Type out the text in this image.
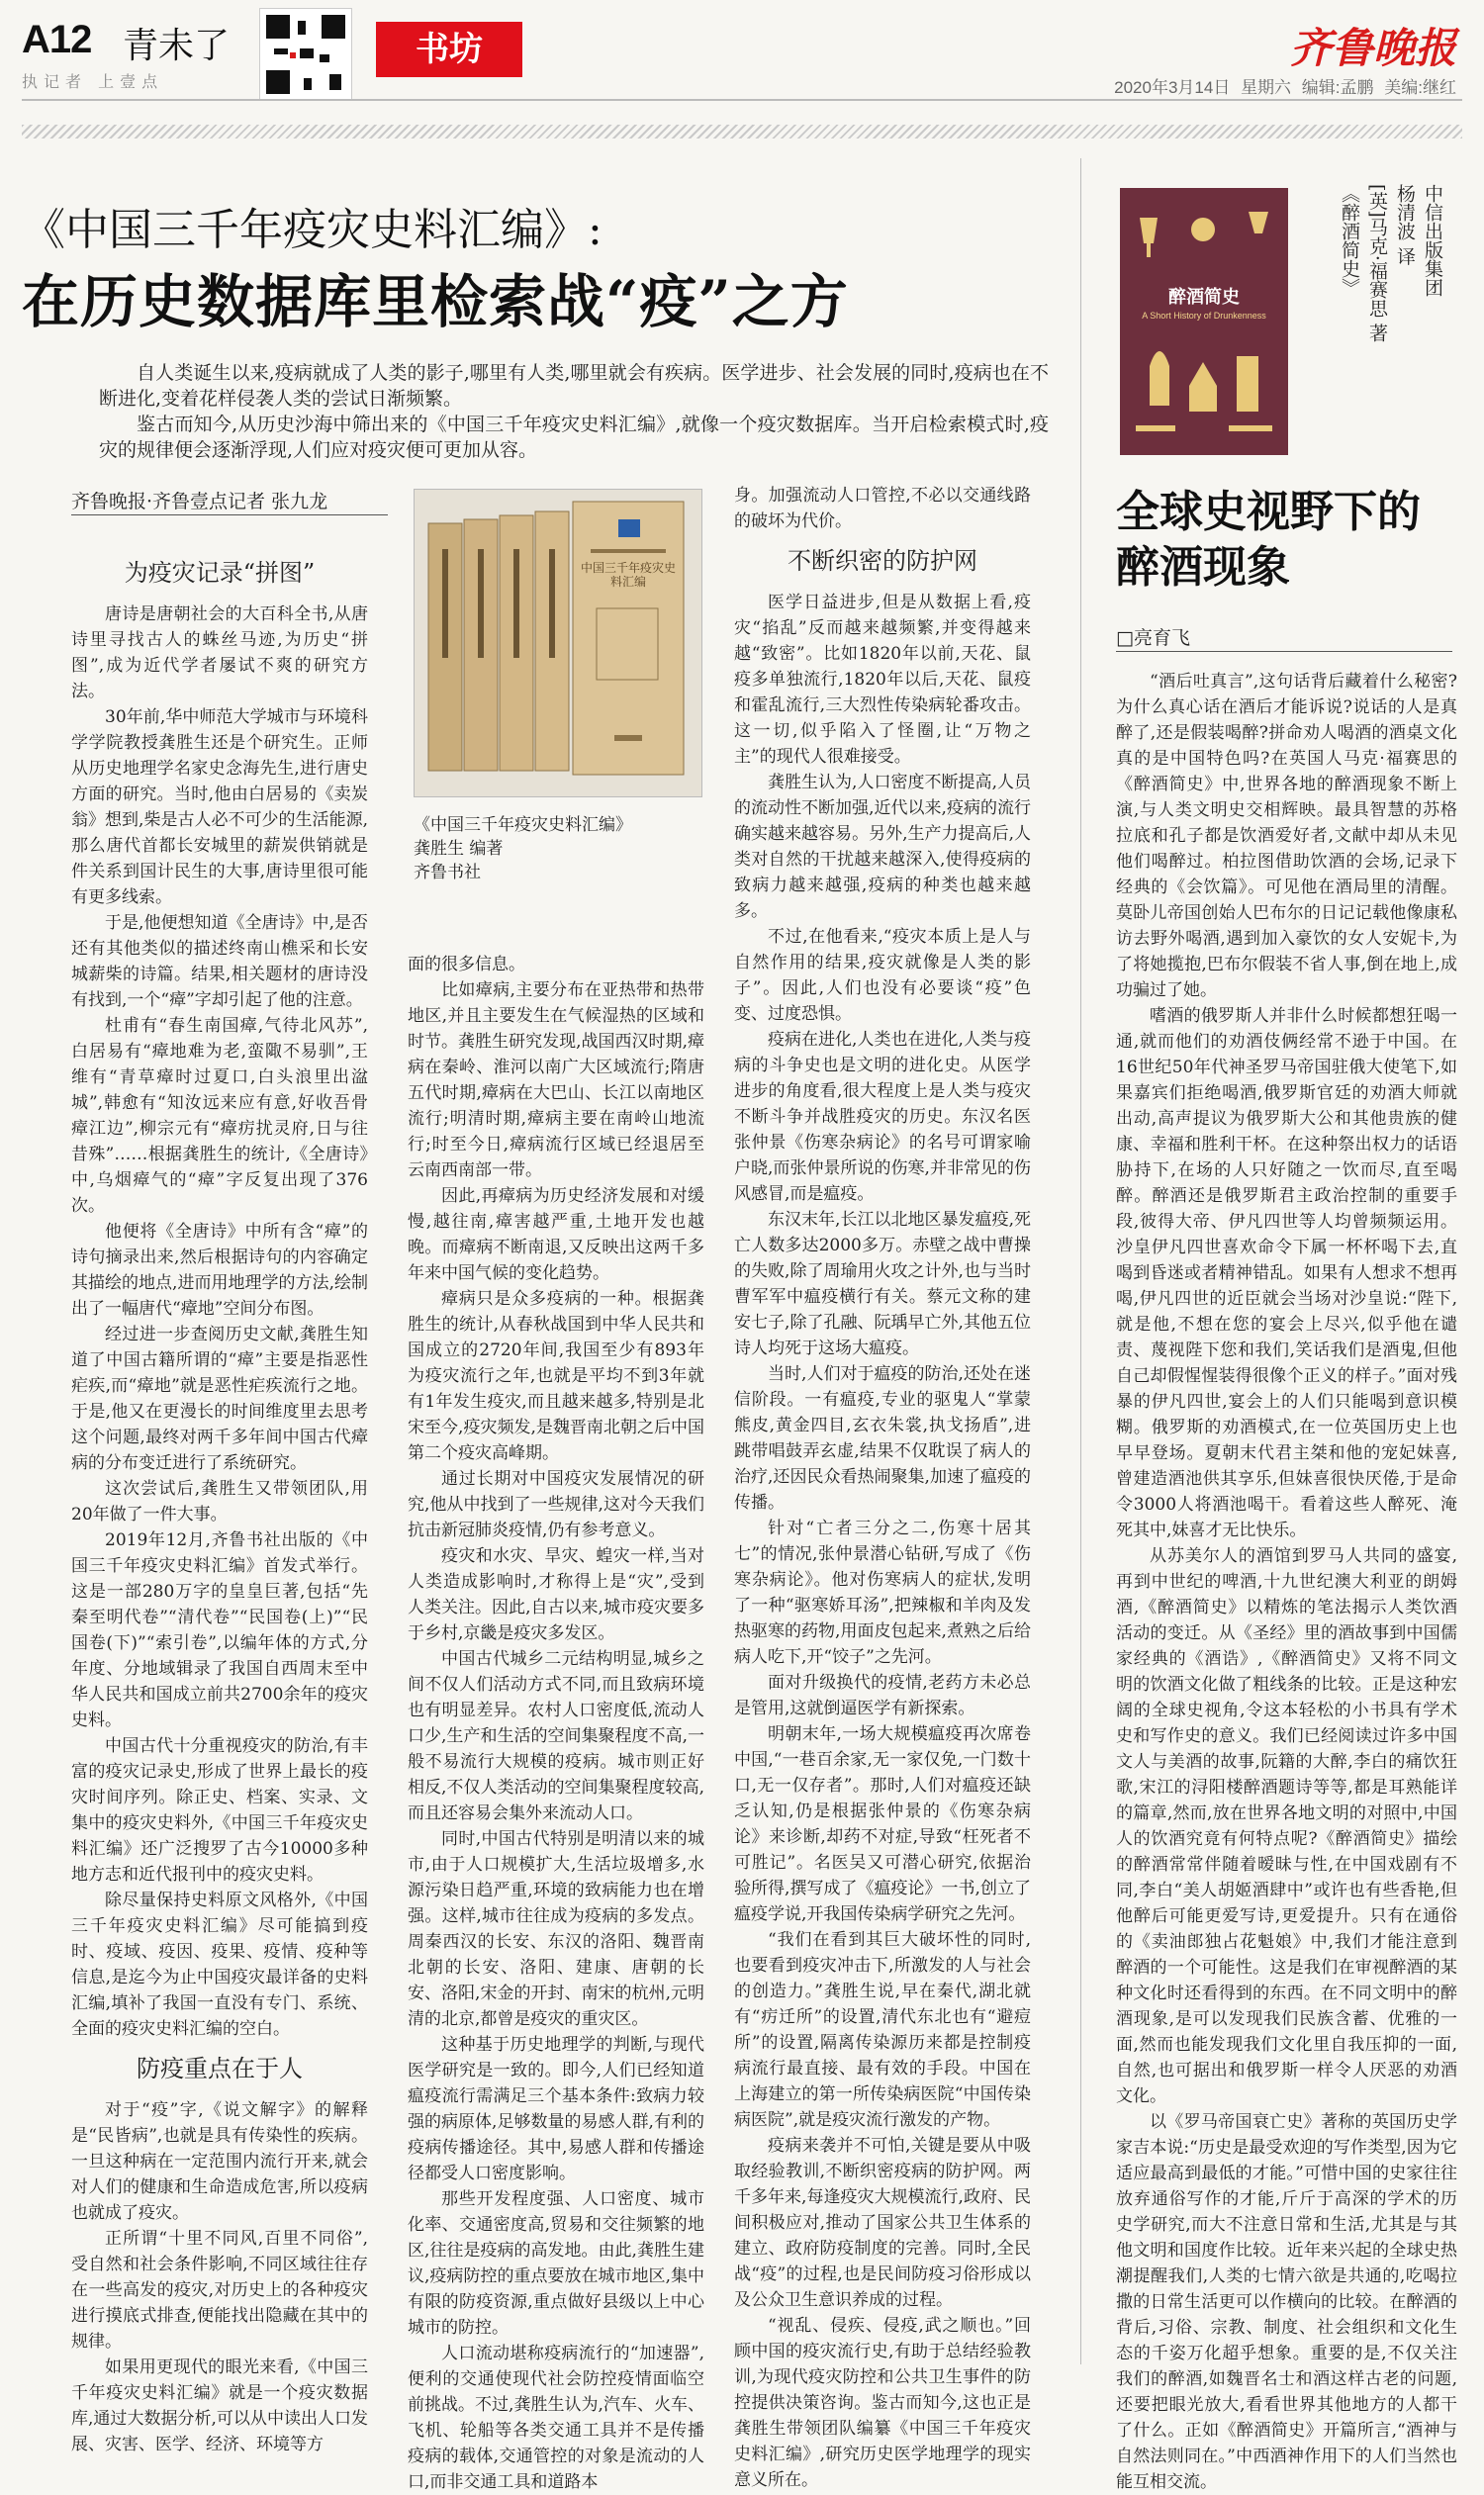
A12 青未了
执记者 上壹点
书坊	齐鲁晚报
2020年3月14日 星期六 编辑:孟鹏 美编:继红
《中国三千年疫灾史料汇编》:
在历史数据库里检索战“疫”之方

自人类诞生以来,疫病就成了人类的影子,哪里有人类,哪里就会有疾病。医学进步、社会发展的同时,疫病也在不断进化,变着花样侵袭人类的尝试日渐频繁。

鉴古而知今,从历史沙海中筛出来的《中国三千年疫灾史料汇编》,就像一个疫灾数据库。当开启检索模式时,疫灾的规律便会逐渐浮现,人们应对疫灾便可更加从容。

齐鲁晚报·齐鲁壹点记者 张九龙
为疫灾记录“拼图”

唐诗是唐朝社会的大百科全书,从唐诗里寻找古人的蛛丝马迹,为历史“拼图”,成为近代学者屡试不爽的研究方法。

30年前,华中师范大学城市与环境科学学院教授龚胜生还是个研究生。正师从历史地理学名家史念海先生,进行唐史方面的研究。当时,他由白居易的《卖炭翁》想到,柴是古人必不可少的生活能源,那么唐代首都长安城里的薪炭供销就是件关系到国计民生的大事,唐诗里很可能有更多线索。

于是,他便想知道《全唐诗》中,是否还有其他类似的描述终南山樵采和长安城薪柴的诗篇。结果,相关题材的唐诗没有找到,一个“瘴”字却引起了他的注意。

杜甫有“春生南国瘴,气待北风苏”,白居易有“瘴地难为老,蛮陬不易驯”,王维有“青草瘴时过夏口,白头浪里出湓城”,韩愈有“知汝远来应有意,好收吾骨瘴江边”,柳宗元有“瘴疠扰灵府,日与往昔殊”……根据龚胜生的统计,《全唐诗》中,乌烟瘴气的“瘴”字反复出现了376次。

他便将《全唐诗》中所有含“瘴”的诗句摘录出来,然后根据诗句的内容确定其描绘的地点,进而用地理学的方法,绘制出了一幅唐代“瘴地”空间分布图。

经过进一步查阅历史文献,龚胜生知道了中国古籍所谓的“瘴”主要是指恶性疟疾,而“瘴地”就是恶性疟疾流行之地。于是,他又在更漫长的时间维度里去思考这个问题,最终对两千多年间中国古代瘴病的分布变迁进行了系统研究。

这次尝试后,龚胜生又带领团队,用20年做了一件大事。

2019年12月,齐鲁书社出版的《中国三千年疫灾史料汇编》首发式举行。这是一部280万字的皇皇巨著,包括“先秦至明代卷”“清代卷”“民国卷(上)”“民国卷(下)”“索引卷”,以编年体的方式,分年度、分地域辑录了我国自西周末至中华人民共和国成立前共2700余年的疫灾史料。

中国古代十分重视疫灾的防治,有丰富的疫灾记录史,形成了世界上最长的疫灾时间序列。除正史、档案、实录、文集中的疫灾史料外,《中国三千年疫灾史料汇编》还广泛搜罗了古今10000多种地方志和近代报刊中的疫灾史料。

除尽量保持史料原文风格外,《中国三千年疫灾史料汇编》尽可能搞到疫时、疫域、疫因、疫果、疫情、疫种等信息,是迄今为止中国疫灾最详备的史料汇编,填补了我国一直没有专门、系统、全面的疫灾史料汇编的空白。

防疫重点在于人

对于“疫”字,《说文解字》的解释是“民皆病”,也就是具有传染性的疾病。一旦这种病在一定范围内流行开来,就会对人们的健康和生命造成危害,所以疫病也就成了疫灾。

正所谓“十里不同风,百里不同俗”,受自然和社会条件影响,不同区域往往存在一些高发的疫灾,对历史上的各种疫灾进行摸底式排查,便能找出隐藏在其中的规律。

如果用更现代的眼光来看,《中国三千年疫灾史料汇编》就是一个疫灾数据库,通过大数据分析,可以从中读出人口发展、灾害、医学、经济、环境等方

中国三千年疫灾史料汇编
《中国三千年疫灾史料汇编》
龚胜生 编著
齐鲁书社

面的很多信息。

比如瘴病,主要分布在亚热带和热带地区,并且主要发生在气候湿热的区域和时节。龚胜生研究发现,战国西汉时期,瘴病在秦岭、淮河以南广大区域流行;隋唐五代时期,瘴病在大巴山、长江以南地区流行;明清时期,瘴病主要在南岭山地流行;时至今日,瘴病流行区域已经退居至云南西南部一带。

因此,再瘴病为历史经济发展和对缓慢,越往南,瘴害越严重,土地开发也越晚。而瘴病不断南退,又反映出这两千多年来中国气候的变化趋势。

瘴病只是众多疫病的一种。根据龚胜生的统计,从春秋战国到中华人民共和国成立的2720年间,我国至少有893年为疫灾流行之年,也就是平均不到3年就有1年发生疫灾,而且越来越多,特别是北宋至今,疫灾频发,是魏晋南北朝之后中国第二个疫灾高峰期。

通过长期对中国疫灾发展情况的研究,他从中找到了一些规律,这对今天我们抗击新冠肺炎疫情,仍有参考意义。

疫灾和水灾、旱灾、蝗灾一样,当对人类造成影响时,才称得上是“灾”,受到人类关注。因此,自古以来,城市疫灾要多于乡村,京畿是疫灾多发区。

中国古代城乡二元结构明显,城乡之间不仅人们活动方式不同,而且致病环境也有明显差异。农村人口密度低,流动人口少,生产和生活的空间集聚程度不高,一般不易流行大规模的疫病。城市则正好相反,不仅人类活动的空间集聚程度较高,而且还容易会集外来流动人口。

同时,中国古代特别是明清以来的城市,由于人口规模扩大,生活垃圾增多,水源污染日趋严重,环境的致病能力也在增强。这样,城市往往成为疫病的多发点。周秦西汉的长安、东汉的洛阳、魏晋南北朝的长安、洛阳、建康、唐朝的长安、洛阳,宋金的开封、南宋的杭州,元明清的北京,都曾是疫灾的重灾区。

这种基于历史地理学的判断,与现代医学研究是一致的。即今,人们已经知道瘟疫流行需满足三个基本条件:致病力较强的病原体,足够数量的易感人群,有利的疫病传播途径。其中,易感人群和传播途径都受人口密度影响。

那些开发程度强、人口密度、城市化率、交通密度高,贸易和交往频繁的地区,往往是疫病的高发地。由此,龚胜生建议,疫病防控的重点要放在城市地区,集中有限的防疫资源,重点做好县级以上中心城市的防控。

人口流动堪称疫病流行的“加速器”,便利的交通使现代社会防控疫情面临空前挑战。不过,龚胜生认为,汽车、火车、飞机、轮船等各类交通工具并不是传播疫病的载体,交通管控的对象是流动的人口,而非交通工具和道路本

身。加强流动人口管控,不必以交通线路的破坏为代价。

不断织密的防护网

医学日益进步,但是从数据上看,疫灾“掐乱”反而越来越频繁,并变得越来越“致密”。比如1820年以前,天花、鼠疫多单独流行,1820年以后,天花、鼠疫和霍乱流行,三大烈性传染病轮番攻击。这一切,似乎陷入了怪圈,让“万物之主”的现代人很难接受。

龚胜生认为,人口密度不断提高,人员的流动性不断加强,近代以来,疫病的流行确实越来越容易。另外,生产力提高后,人类对自然的干扰越来越深入,使得疫病的致病力越来越强,疫病的种类也越来越多。

不过,在他看来,“疫灾本质上是人与自然作用的结果,疫灾就像是人类的影子”。因此,人们也没有必要谈“疫”色变、过度恐惧。

疫病在进化,人类也在进化,人类与疫病的斗争史也是文明的进化史。从医学进步的角度看,很大程度上是人类与疫灾不断斗争并战胜疫灾的历史。东汉名医张仲景《伤寒杂病论》的名号可谓家喻户晓,而张仲景所说的伤寒,并非常见的伤风感冒,而是瘟疫。

东汉末年,长江以北地区暴发瘟疫,死亡人数多达2000多万。赤壁之战中曹操的失败,除了周瑜用火攻之计外,也与当时曹军军中瘟疫横行有关。蔡元文称的建安七子,除了孔融、阮瑀早亡外,其他五位诗人均死于这场大瘟疫。

当时,人们对于瘟疫的防治,还处在迷信阶段。一有瘟疫,专业的驱鬼人“掌蒙熊皮,黄金四目,玄衣朱裳,执戈扬盾”,进跳带唱鼓弄玄虚,结果不仅耽误了病人的治疗,还因民众看热闹聚集,加速了瘟疫的传播。

针对“亡者三分之二,伤寒十居其七”的情况,张仲景潜心钻研,写成了《伤寒杂病论》。他对伤寒病人的症状,发明了一种“驱寒娇耳汤”,把辣椒和羊肉及发热驱寒的药物,用面皮包起来,煮熟之后给病人吃下,开“饺子”之先河。

面对升级换代的疫情,老药方未必总是管用,这就倒逼医学有新探索。

明朝末年,一场大规模瘟疫再次席卷中国,“一巷百余家,无一家仅免,一门数十口,无一仅存者”。那时,人们对瘟疫还缺乏认知,仍是根据张仲景的《伤寒杂病论》来诊断,却药不对症,导致“枉死者不可胜记”。名医吴又可潜心研究,依据治验所得,撰写成了《瘟疫论》一书,创立了瘟疫学说,开我国传染病学研究之先河。

“我们在看到其巨大破坏性的同时,也要看到疫灾冲击下,所激发的人与社会的创造力。”龚胜生说,早在秦代,湖北就有“疠迁所”的设置,清代东北也有“避痘所”的设置,隔离传染源历来都是控制疫病流行最直接、最有效的手段。中国在上海建立的第一所传染病医院“中国传染病医院”,就是疫灾流行激发的产物。

疫病来袭并不可怕,关键是要从中吸取经验教训,不断织密疫病的防护网。两千多年来,每逢疫灾大规模流行,政府、民间积极应对,推动了国家公共卫生体系的建立、政府防疫制度的完善。同时,全民战“疫”的过程,也是民间防疫习俗形成以及公众卫生意识养成的过程。

“视乱、侵疾、侵疫,武之顺也。”回顾中国的疫灾流行史,有助于总结经验教训,为现代疫灾防控和公共卫生事件的防控提供决策咨询。鉴古而知今,这也正是龚胜生带领团队编纂《中国三千年疫灾史料汇编》,研究历史医学地理学的现实意义所在。

醉酒简史
A Short History of Drunkenness
中信出版集团
杨清波 译
[英]马克·福赛思 著
《醉酒简史》
全球史视野下的
醉酒现象
□亮育飞

“酒后吐真言”,这句话背后藏着什么秘密?为什么真心话在酒后才能诉说?说话的人是真醉了,还是假装喝醉?拼命劝人喝酒的酒桌文化真的是中国特色吗?在英国人马克·福赛思的《醉酒简史》中,世界各地的醉酒现象不断上演,与人类文明史交相辉映。最具智慧的苏格拉底和孔子都是饮酒爱好者,文献中却从未见他们喝醉过。柏拉图借助饮酒的会场,记录下经典的《会饮篇》。可见他在酒局里的清醒。莫卧儿帝国创始人巴布尔的日记记载他像康私访去野外喝酒,遇到加入豪饮的女人安妮卡,为了将她揽抱,巴布尔假装不省人事,倒在地上,成功骗过了她。

嗜酒的俄罗斯人并非什么时候都想狂喝一通,就而他们的劝酒伎俩经常不逊于中国。在16世纪50年代神圣罗马帝国驻俄大使笔下,如果嘉宾们拒绝喝酒,俄罗斯官廷的劝酒大师就出动,高声提议为俄罗斯大公和其他贵族的健康、幸福和胜利干杯。在这种祭出权力的话语胁持下,在场的人只好随之一饮而尽,直至喝醉。醉酒还是俄罗斯君主政治控制的重要手段,彼得大帝、伊凡四世等人均曾频频运用。沙皇伊凡四世喜欢命令下属一杯杯喝下去,直喝到昏迷或者精神错乱。如果有人想求不想再喝,伊凡四世的近臣就会当场对沙皇说:“陛下,就是他,不想在您的宴会上尽兴,似乎他在谴责、蔑视陛下您和我们,笑话我们是酒鬼,但他自己却假惺惺装得很像个正义的样子。”面对残暴的伊凡四世,宴会上的人们只能喝到意识模糊。俄罗斯的劝酒模式,在一位英国历史上也早早登场。夏朝末代君主桀和他的宠妃妹喜,曾建造酒池供其享乐,但妹喜很快厌倦,于是命令3000人将酒池喝干。看着这些人醉死、淹死其中,妹喜才无比快乐。

从苏美尔人的酒馆到罗马人共同的盛宴,再到中世纪的啤酒,十九世纪澳大利亚的朗姆酒,《醉酒简史》以精炼的笔法揭示人类饮酒活动的变迁。从《圣经》里的酒故事到中国儒家经典的《酒诰》,《醉酒简史》又将不同文明的饮酒文化做了粗线条的比较。正是这种宏阔的全球史视角,令这本轻松的小书具有学术史和写作史的意义。我们已经阅读过许多中国文人与美酒的故事,阮籍的大醉,李白的痛饮狂歌,宋江的浔阳楼醉酒题诗等等,都是耳熟能详的篇章,然而,放在世界各地文明的对照中,中国人的饮酒究竟有何特点呢?《醉酒简史》描绘的醉酒常常伴随着暧昧与性,在中国戏剧有不同,李白“美人胡姬酒肆中”或许也有些香艳,但他醉后可能更爱写诗,更爱提升。只有在通俗的《卖油郎独占花魁娘》中,我们才能注意到醉酒的一个可能性。这是我们在审视醉酒的某种文化时还看得到的东西。在不同文明中的醉酒现象,是可以发现我们民族含蓄、优雅的一面,然而也能发现我们文化里自我压抑的一面,自然,也可据出和俄罗斯一样令人厌恶的劝酒文化。

以《罗马帝国衰亡史》著称的英国历史学家吉本说:“历史是最受欢迎的写作类型,因为它适应最高到最低的才能。”可惜中国的史家往往放弃通俗写作的才能,斤斤于高深的学术的历史学研究,而大不注意日常和生活,尤其是与其他文明和国度作比较。近年来兴起的全球史热潮提醒我们,人类的七情六欲是共通的,吃喝拉撒的日常生活更可以作横向的比较。在醉酒的背后,习俗、宗教、制度、社会组织和文化生态的千姿万化超乎想象。重要的是,不仅关注我们的醉酒,如魏晋名士和酒这样古老的问题,还要把眼光放大,看看世界其他地方的人都干了什么。正如《醉酒简史》开篇所言,“酒神与自然法则同在。”中西酒神作用下的人们当然也能互相交流。
